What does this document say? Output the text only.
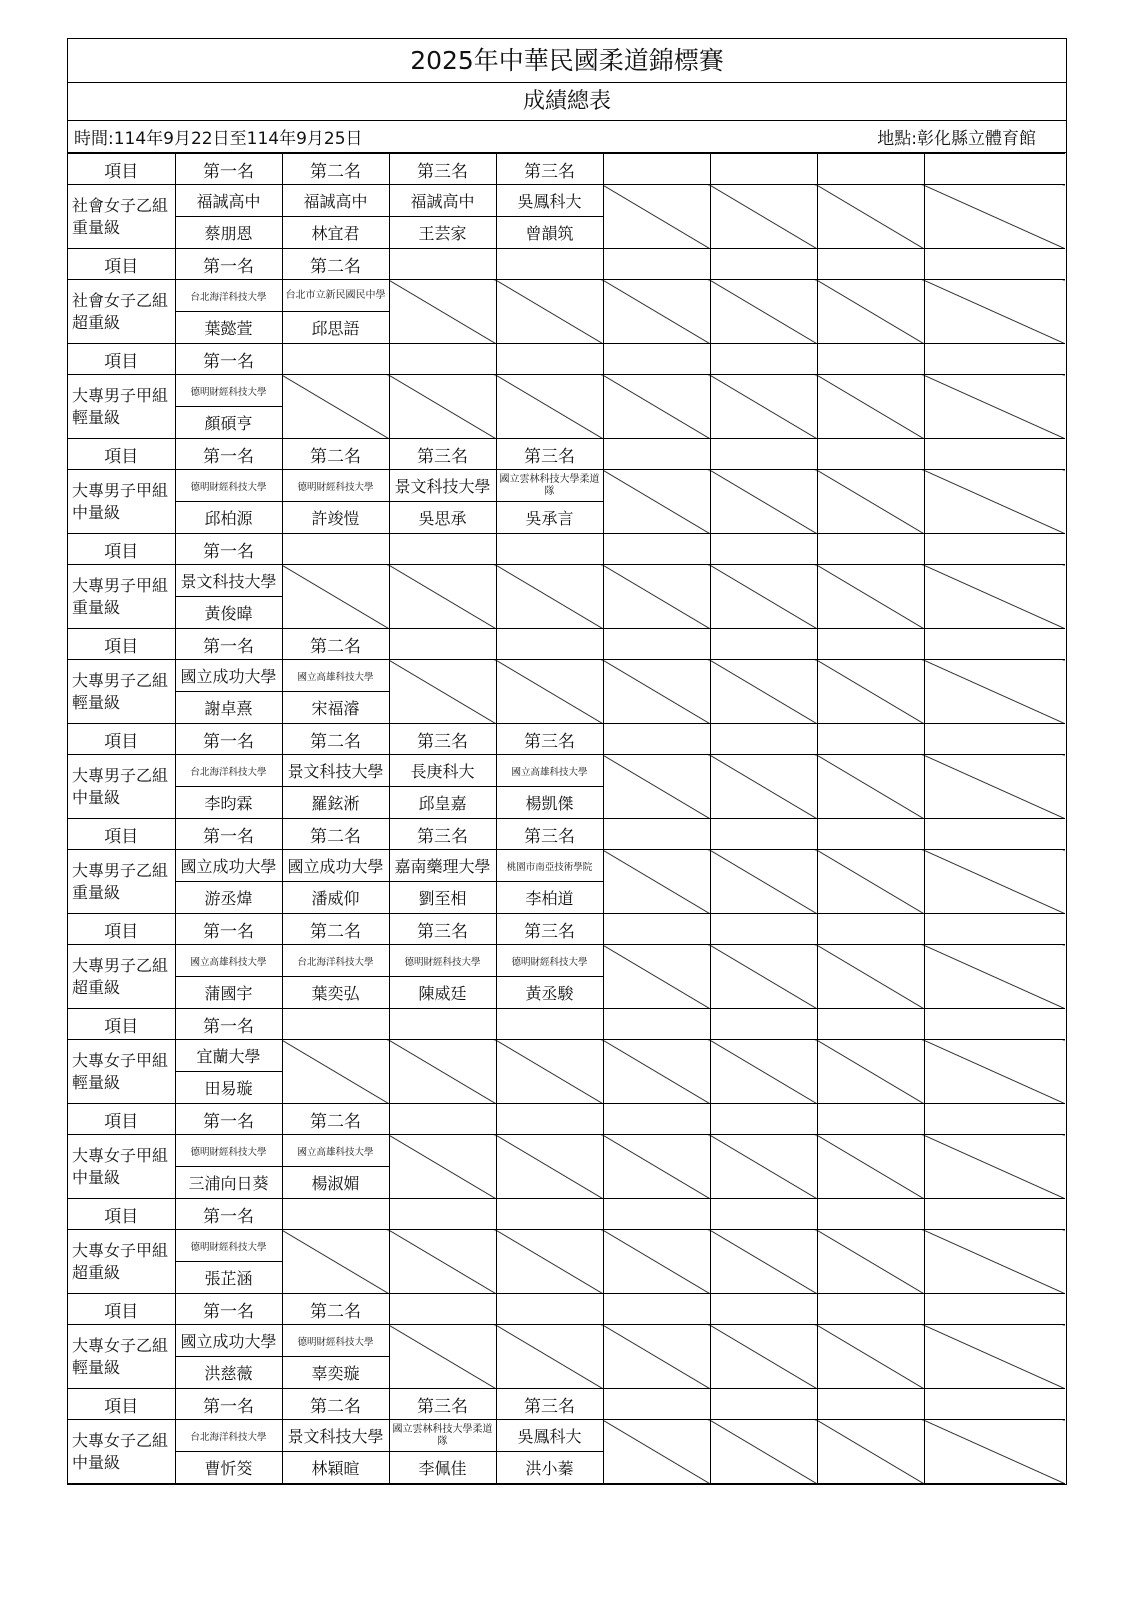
2025年中華民國柔道錦標賽
成績總表
時間:114年9月22日至114年9月25日	地點:彰化縣立體育館
項目	第一名	第二名	第三名	第三名				
社會女子乙組 重量級	福誠高中	福誠高中	福誠高中	吳鳳科大				
	蔡朋恩	林宜君	王芸家	曾韻筑				
項目	第一名	第二名						
社會女子乙組 超重級	台北海洋科技大學	台北市立新民國民中學						
	葉懿萱	邱思語						
項目	第一名							
大專男子甲組 輕量級	德明財經科技大學							
	顏碩亨							
項目	第一名	第二名	第三名	第三名				
大專男子甲組 中量級	德明財經科技大學	德明財經科技大學	景文科技大學	國立雲林科技大學柔道隊				
	邱柏源	許竣愷	吳思承	吳承言				
項目	第一名							
大專男子甲組 重量級	景文科技大學							
	黃俊暐							
項目	第一名	第二名						
大專男子乙組 輕量級	國立成功大學	國立高雄科技大學						
	謝卓熹	宋福濬						
項目	第一名	第二名	第三名	第三名				
大專男子乙組 中量級	台北海洋科技大學	景文科技大學	長庚科大	國立高雄科技大學				
	李昀霖	羅鉉淅	邱皇嘉	楊凱傑				
項目	第一名	第二名	第三名	第三名				
大專男子乙組 重量級	國立成功大學	國立成功大學	嘉南藥理大學	桃園市南亞技術學院				
	游丞煒	潘威仰	劉至相	李柏道				
項目	第一名	第二名	第三名	第三名				
大專男子乙組 超重級	國立高雄科技大學	台北海洋科技大學	德明財經科技大學	德明財經科技大學				
	蒲國宇	葉奕弘	陳威廷	黃丞駿				
項目	第一名							
大專女子甲組 輕量級	宜蘭大學							
	田易璇							
項目	第一名	第二名						
大專女子甲組 中量級	德明財經科技大學	國立高雄科技大學						
	三浦向日葵	楊淑媚						
項目	第一名							
大專女子甲組 超重級	德明財經科技大學							
	張芷涵							
項目	第一名	第二名						
大專女子乙組 輕量級	國立成功大學	德明財經科技大學						
	洪慈薇	辜奕璇						
項目	第一名	第二名	第三名	第三名				
大專女子乙組 中量級	台北海洋科技大學	景文科技大學	國立雲林科技大學柔道隊	吳鳳科大				
	曹忻筊	林穎暄	李佩佳	洪小蓁				
